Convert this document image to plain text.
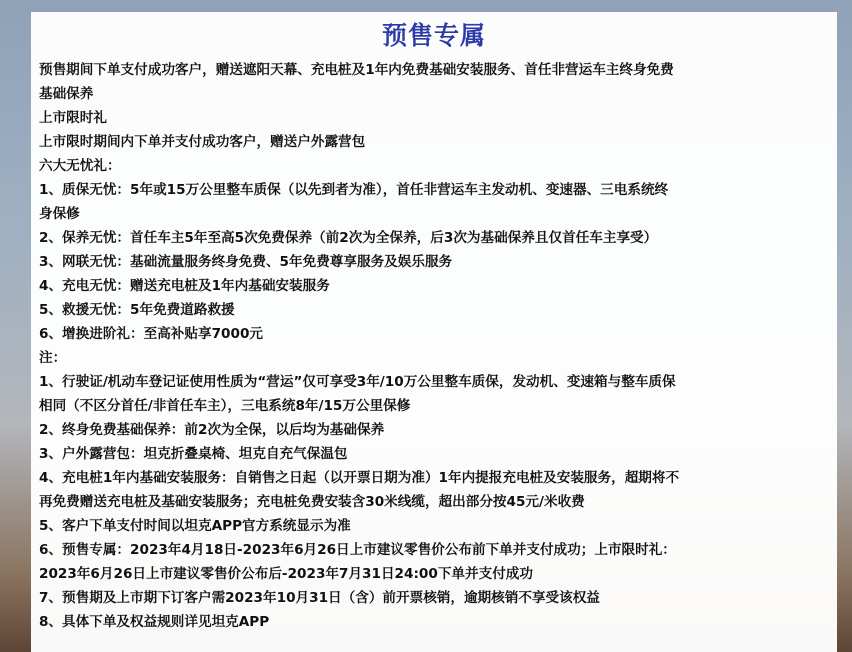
预售专属
预售期间下单支付成功客户，赠送遮阳天幕、充电桩及1年内免费基础安装服务、首任非营运车主终身免费
基础保养
上市限时礼
上市限时期间内下单并支付成功客户，赠送户外露营包
六大无忧礼：
1、质保无忧：5年或15万公里整车质保（以先到者为准），首任非营运车主发动机、变速器、三电系统终
身保修
2、保养无忧：首任车主5年至高5次免费保养（前2次为全保养，后3次为基础保养且仅首任车主享受）
3、网联无忧：基础流量服务终身免费、5年免费尊享服务及娱乐服务
4、充电无忧：赠送充电桩及1年内基础安装服务
5、救援无忧：5年免费道路救援
6、增换进阶礼：至高补贴享7000元
注：
1、行驶证/机动车登记证使用性质为“营运”仅可享受3年/10万公里整车质保，发动机、变速箱与整车质保
相同（不区分首任/非首任车主），三电系统8年/15万公里保修
2、终身免费基础保养：前2次为全保，以后均为基础保养
3、户外露营包：坦克折叠桌椅、坦克自充气保温包
4、充电桩1年内基础安装服务：自销售之日起（以开票日期为准）1年内提报充电桩及安装服务，超期将不
再免费赠送充电桩及基础安装服务；充电桩免费安装含30米线缆，超出部分按45元/米收费
5、客户下单支付时间以坦克APP官方系统显示为准
6、预售专属：2023年4月18日-2023年6月26日上市建议零售价公布前下单并支付成功；上市限时礼：
2023年6月26日上市建议零售价公布后-2023年7月31日24:00下单并支付成功
7、预售期及上市期下订客户需2023年10月31日（含）前开票核销，逾期核销不享受该权益
8、具体下单及权益规则详见坦克APP
